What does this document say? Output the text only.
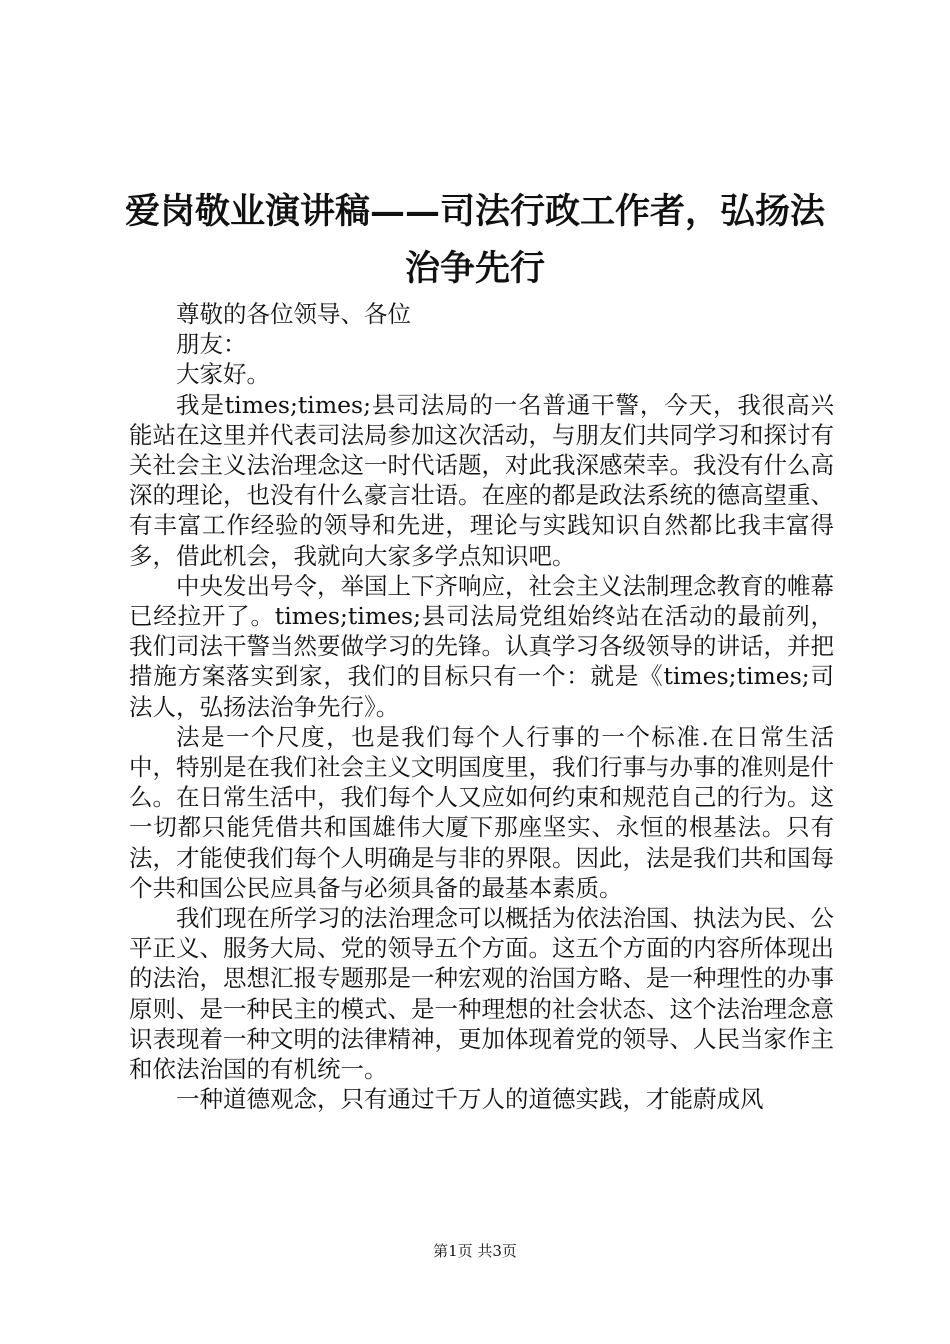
爱岗敬业演讲稿——司法行政工作者，弘扬法
治争先行

尊敬的各位领导、各位

朋友：

大家好。

我是times;times;县司法局的一名普通干警，今天，我很高兴能站在这里并代表司法局参加这次活动，与朋友们共同学习和探讨有关社会主义法治理念这一时代话题，对此我深感荣幸。我没有什么高深的理论，也没有什么豪言壮语。在座的都是政法系统的德高望重、有丰富工作经验的领导和先进，理论与实践知识自然都比我丰富得多，借此机会，我就向大家多学点知识吧。

中央发出号令，举国上下齐响应，社会主义法制理念教育的帷幕已经拉开了。times;times;县司法局党组始终站在活动的最前列，我们司法干警当然要做学习的先锋。认真学习各级领导的讲话，并把措施方案落实到家，我们的目标只有一个：就是《times;times;司法人，弘扬法治争先行》。

法是一个尺度，也是我们每个人行事的一个标准.在日常生活中，特别是在我们社会主义文明国度里，我们行事与办事的准则是什么。在日常生活中，我们每个人又应如何约束和规范自己的行为。这一切都只能凭借共和国雄伟大厦下那座坚实、永恒的根基法。只有法，才能使我们每个人明确是与非的界限。因此，法是我们共和国每个共和国公民应具备与必须具备的最基本素质。

我们现在所学习的法治理念可以概括为依法治国、执法为民、公平正义、服务大局、党的领导五个方面。这五个方面的内容所体现出的法治，思想汇报专题那是一种宏观的治国方略、是一种理性的办事原则、是一种民主的模式、是一种理想的社会状态、这个法治理念意识表现着一种文明的法律精神，更加体现着党的领导、人民当家作主和依法治国的有机统一。

一种道德观念，只有通过千万人的道德实践，才能蔚成风

第1页 共3页
